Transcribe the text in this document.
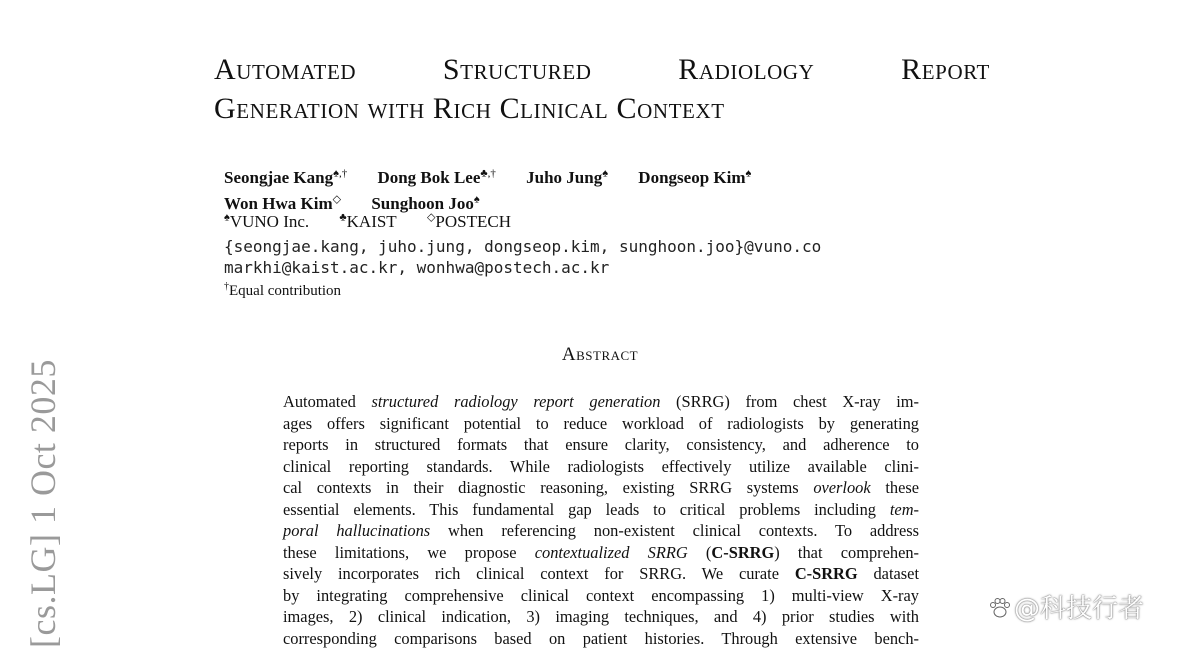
[cs.LG] 1 Oct 2025
Automated	Structured	Radiology	Report
Generation with Rich Clinical Context
Seongjae Kang♠,† Dong Bok Lee♣,† Juho Jung♠ Dongseop Kim♠
Won Hwa Kim◇ Sunghoon Joo♠
♠VUNO Inc.	♣KAIST	◇POSTECH
{seongjae.kang, juho.jung, dongseop.kim, sunghoon.joo}@vuno.co
markhi@kaist.ac.kr, wonhwa@postech.ac.kr
†Equal contribution
Abstract
Automated structured radiology report generation (SRRG) from chest X-ray im-
ages offers significant potential to reduce workload of radiologists by generating
reports in structured formats that ensure clarity, consistency, and adherence to
clinical reporting standards. While radiologists effectively utilize available clini-
cal contexts in their diagnostic reasoning, existing SRRG systems overlook these
essential elements. This fundamental gap leads to critical problems including tem-
poral hallucinations when referencing non-existent clinical contexts. To address
these limitations, we propose contextualized SRRG (C-SRRG) that comprehen-
sively incorporates rich clinical context for SRRG. We curate C-SRRG dataset
by integrating comprehensive clinical context encompassing 1) multi-view X-ray
images, 2) clinical indication, 3) imaging techniques, and 4) prior studies with
corresponding comparisons based on patient histories. Through extensive bench-
@科技行者
